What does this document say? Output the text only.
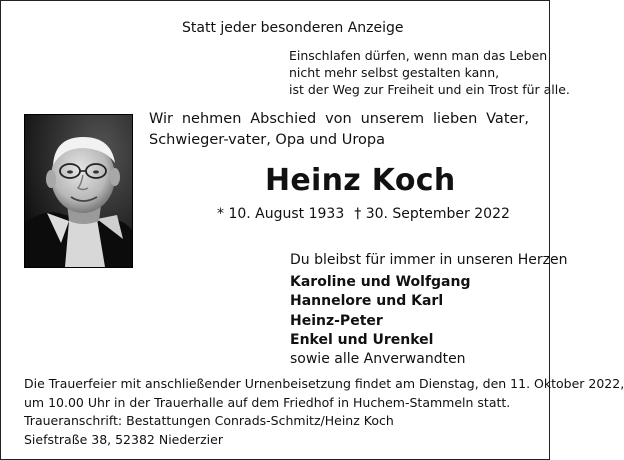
Statt jeder besonderen Anzeige
Einschlafen dürfen, wenn man das Leben
nicht mehr selbst gestalten kann,
ist der Weg zur Freiheit und ein Trost für alle.
Wir nehmen Abschied von unserem lieben Vater, Schwieger-vater, Opa und Uropa
Heinz Koch
* 10. August 1933 † 30. September 2022
Du bleibst für immer in unseren Herzen
Karoline und Wolfgang
Hannelore und Karl
Heinz-Peter
Enkel und Urenkel
sowie alle Anverwandten
Die Trauerfeier mit anschließender Urnenbeisetzung findet am Dienstag, den 11. Oktober 2022,
um 10.00 Uhr in der Trauerhalle auf dem Friedhof in Huchem-Stammeln statt.
Traueranschrift: Bestattungen Conrads-Schmitz/Heinz Koch
Siefstraße 38, 52382 Niederzier
